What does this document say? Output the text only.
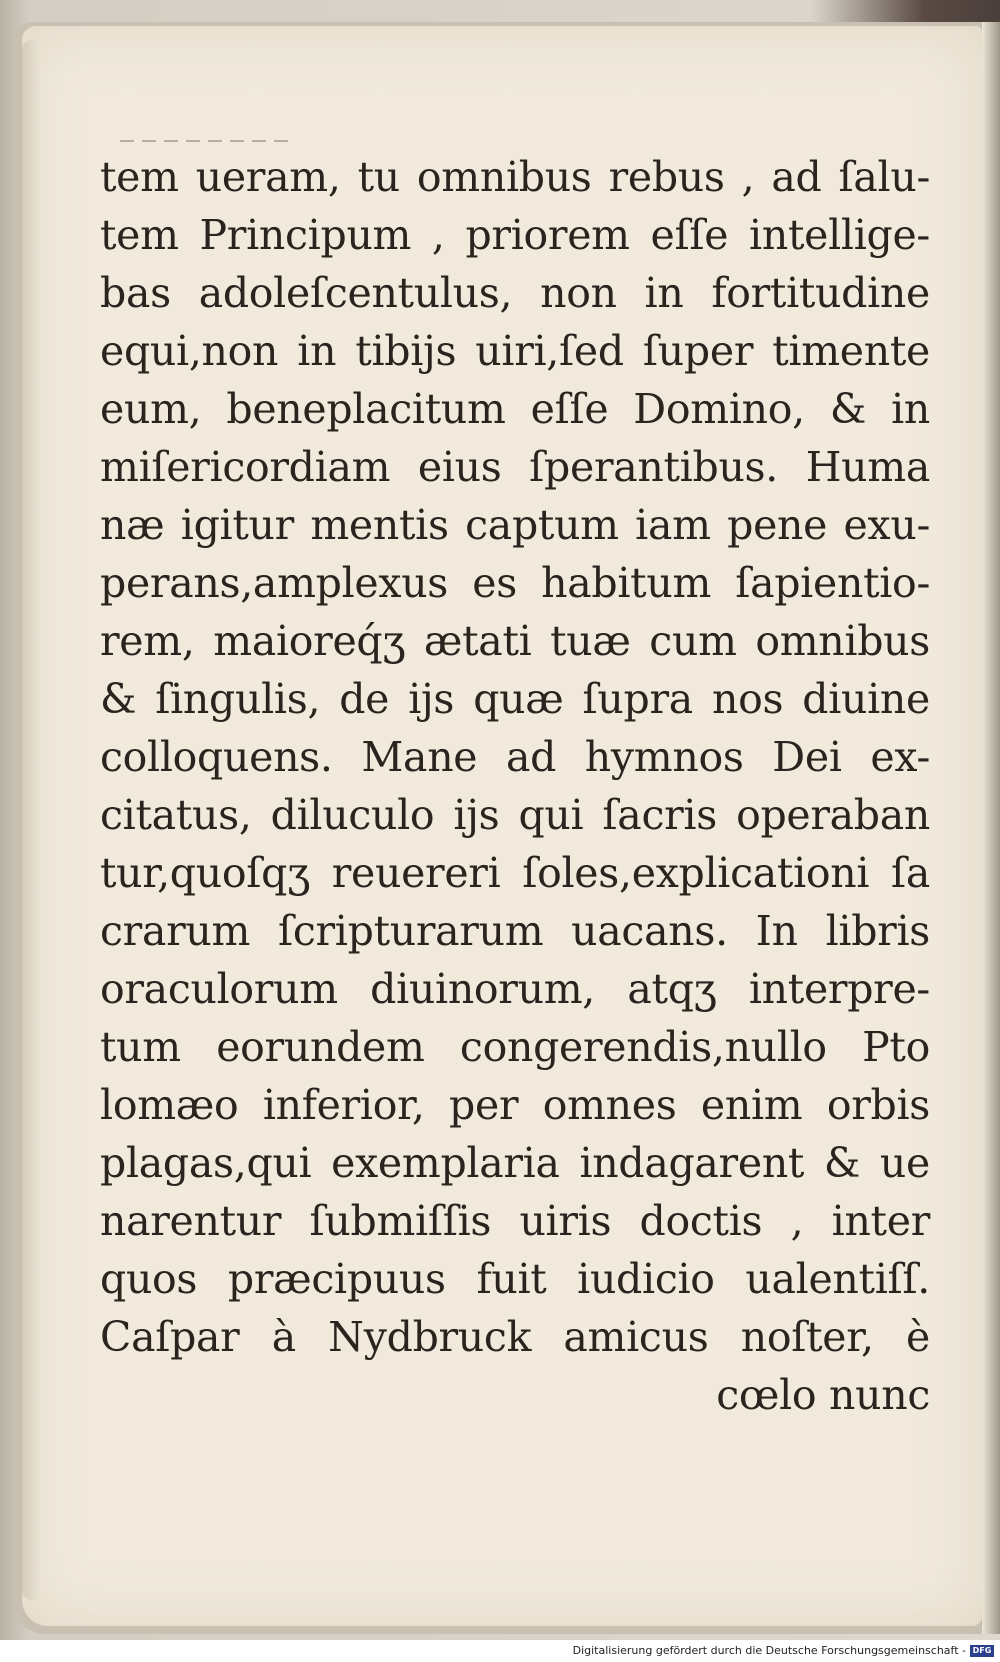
tem ueram, tu omnibus rebus , ad ſalu-
tem Principum , priorem eſſe intellige-
bas adoleſcentulus, non in fortitudine
equi,non in tibijs uiri,ſed ſuper timente
eum, beneplacitum eſſe Domino, & in
miſericordiam eius ſperantibus. Huma
næ igitur mentis captum iam pene exu-
perans,amplexus es habitum ſapientio-
rem, maioreq́ʒ ætati tuæ cum omnibus
& ſingulis, de ijs quæ ſupra nos diuine
colloquens. Mane ad hymnos Dei ex-
citatus, diluculo ijs qui ſacris operaban
tur,quoſqʒ reuereri ſoles,explicationi ſa
crarum ſcripturarum uacans. In libris
oraculorum diuinorum, atqʒ interpre-
tum eorundem congerendis,nullo Pto
lomæo inferior, per omnes enim orbis
plagas,qui exemplaria indagarent & ue
narentur ſubmiſſis uiris doctis , inter
quos præcipuus fuit iudicio ualentiſſ.
Caſpar à Nydbruck amicus noſter, è
cœlo nunc
Digitalisierung gefördert durch die Deutsche Forschungsgemeinschaft - DFG
